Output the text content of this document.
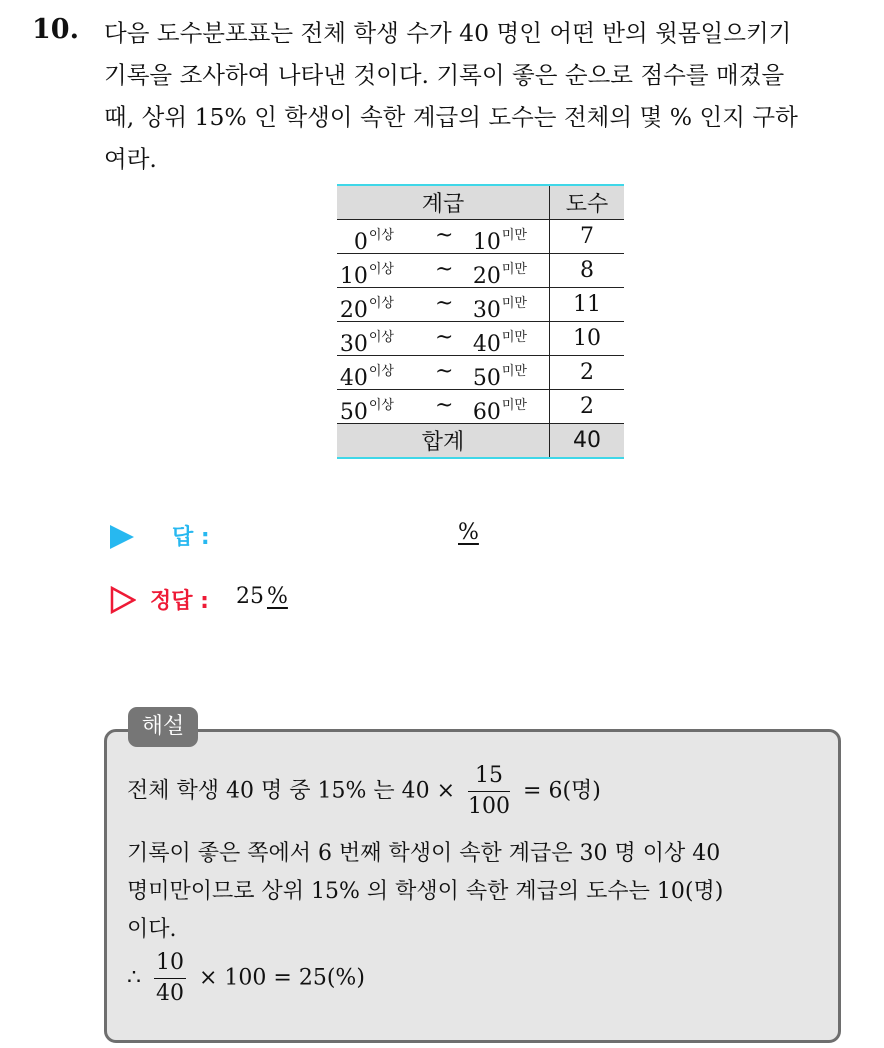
10. 다음 도수분포표는 전체 학생 수가 40 명인 어떤 반의 윗몸일으키기
기록을 조사하여 나타낸 것이다. 기록이 좋은 순으로 점수를 매겼을
때, 상위 15% 인 학생이 속한 계급의 도수는 전체의 몇 % 인지 구하
여라.
계급	도수

$0^{이상}$ ~ $10^{미만}$	7

$10^{이상}$ ~ $20^{미만}$	8

$20^{이상}$ ~ $30^{미만}$	11

$30^{이상}$ ~ $40^{미만}$	10

$40^{이상}$ ~ $50^{미만}$	2

$50^{이상}$ ~ $60^{미만}$	2
합계	40
답 :	%
정답 : 25 %
해설
전체 학생 40 명 중 15% 는 $40 \times \frac{15}{100} = 6$(명)
기록이 좋은 쪽에서 6 번째 학생이 속한 계급은 30 명 이상 40
명미만이므로 상위 15% 의 학생이 속한 계급의 도수는 10(명)
이다.
∴ $\frac{10}{40} \times 100 = 25(\%)$
